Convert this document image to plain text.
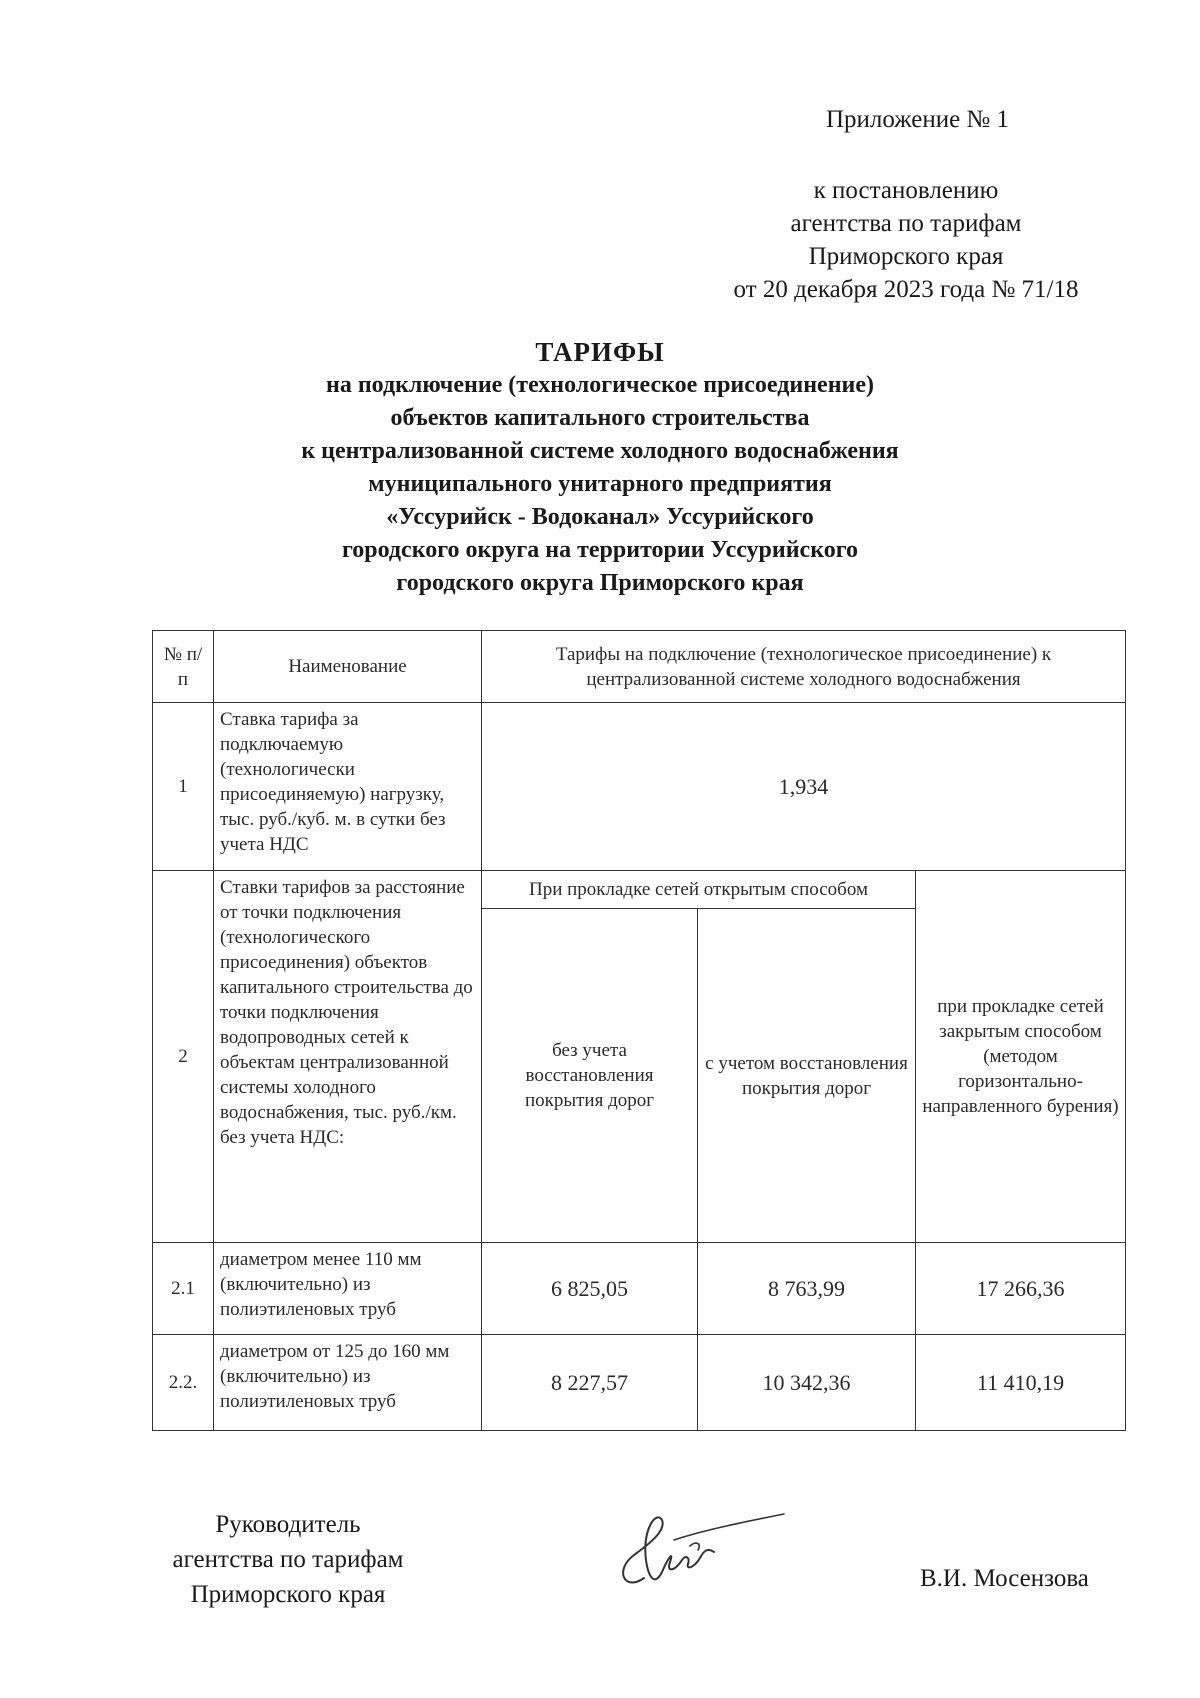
Приложение № 1

к постановлению
агентства по тарифам
Приморского края
от 20 декабря 2023 года № 71/18
ТАРИФЫ
на подключение (технологическое присоединение)
объектов капитального строительства
к централизованной системе холодного водоснабжения
муниципального унитарного предприятия
«Уссурийск - Водоканал» Уссурийского
городского округа на территории Уссурийского
городского округа Приморского края
№ п/п	Наименование	Тарифы на подключение (технологическое присоединение) к централизованной системе холодного водоснабжения		
1	Ставка тарифа за подключаемую (технологически присоединяемую) нагрузку, тыс. руб./куб. м. в сутки без учета НДС	1,934		
2	Ставки тарифов за расстояние от точки подключения (технологического присоединения) объектов капитального строительства до точки подключения водопроводных сетей к объектам централизованной системы холодного водоснабжения, тыс. руб./км. без учета НДС:	При прокладке сетей открытым способом		при прокладке сетей закрытым способом (методом горизонтально-направленного бурения)
		без учета восстановления покрытия дорог	с учетом восстановления покрытия дорог	
2.1	диаметром менее 110 мм (включительно) из полиэтиленовых труб	6 825,05	8 763,99	17 266,36
2.2.	диаметром от 125 до 160 мм (включительно) из полиэтиленовых труб	8 227,57	10 342,36	11 410,19
Руководитель
агентства по тарифам
Приморского края
В.И. Мосензова
